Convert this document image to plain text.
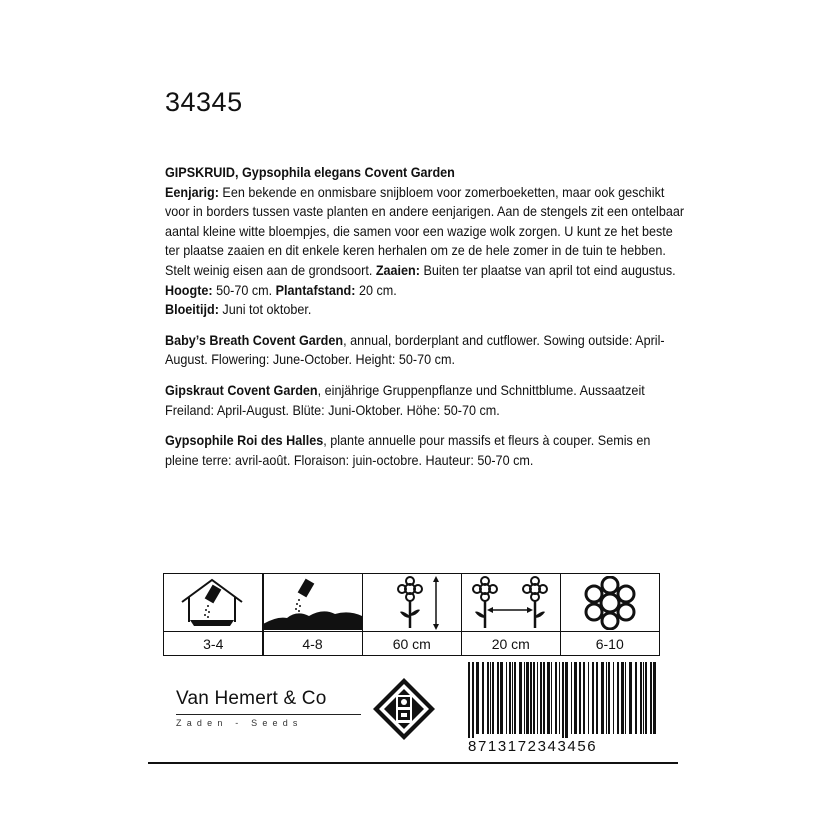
34345

GIPSKRUID, Gypsophila elegans Covent Garden
Eenjarig: Een bekende en onmisbare snijbloem voor zomerboeketten, maar ook geschikt voor in borders tussen vaste planten en andere eenjarigen. Aan de stengels zit een ontelbaar aantal kleine witte bloempjes, die samen voor een wazige wolk zorgen. U kunt ze het beste ter plaatse zaaien en dit enkele keren herhalen om ze de hele zomer in de tuin te hebben. Stelt weinig eisen aan de grondsoort. Zaaien: Buiten ter plaatse van april tot eind augustus. Hoogte: 50-70 cm. Plantafstand: 20 cm.
Bloeitijd: Juni tot oktober.

Baby’s Breath Covent Garden, annual, borderplant and cutflower. Sowing outside: April-August. Flowering: June-October. Height: 50-70 cm.

Gipskraut Covent Garden, einjährige Gruppenpflanze und Schnittblume. Aussaatzeit Freiland: April-August. Blüte: Juni-Oktober. Höhe: 50-70 cm.

Gypsophile Roi des Halles, plante annuelle pour massifs et fleurs à couper. Semis en pleine terre: avril-août. Floraison: juin-octobre. Hauteur: 50-70 cm.

3-4	4-8	60 cm	20 cm	6-10
Van Hemert & Co
Zaden - Seeds
8713172343456
